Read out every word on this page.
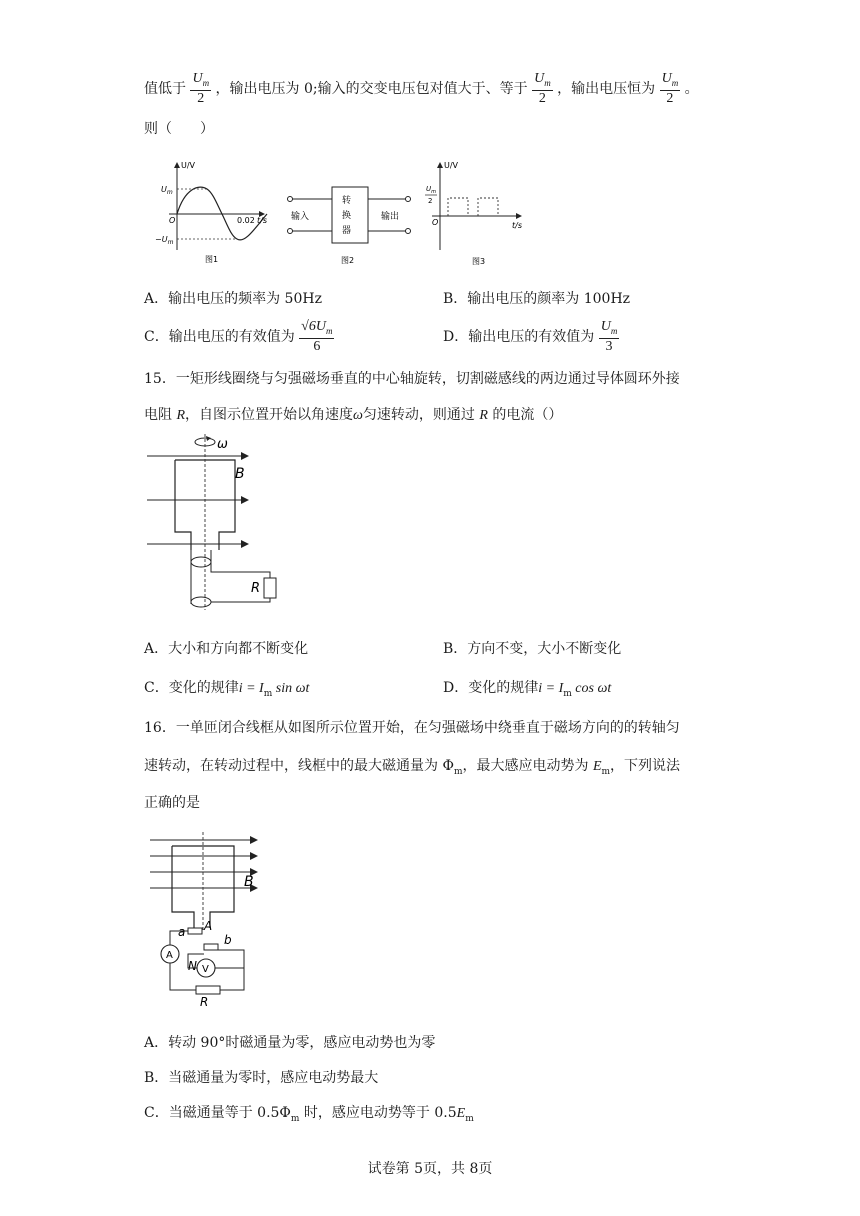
值低于 $\frac{U_m}{2}$ ，输出电压为 0;输入的交变电压包对值大于、等于 $\frac{U_m}{2}$ ，输出电压恒为 $\frac{U_m}{2}$ 。
则（　　）
U/V
$U_m$
$-U_m$
O	0.02 t/s
图1
转
换
器
输入	输出
图2
U/V
$U_m$
2
O	t/s
图3
A．输出电压的频率为 50Hz	B．输出电压的颜率为 100Hz
C．输出电压的有效值为 $\frac{√6U_m}{6}$	D．输出电压的有效值为 $\frac{U_m}{3}$
15．一矩形线圈绕与匀强磁场垂直的中心轴旋转，切割磁感线的两边通过导体圆环外接
电阻 R，自图示位置开始以角速度ω匀速转动，则通过 R 的电流（）
ω
B
R
A．大小和方向都不断变化	B．方向不变，大小不断变化
C．变化的规律$i = I_m$ sin ωt	D．变化的规律$i = I_m$ cos ωt
16．一单匝闭合线框从如图所示位置开始，在匀强磁场中绕垂直于磁场方向的的转轴匀
速转动，在转动过程中，线框中的最大磁通量为 $\Phi_m$，最大感应电动势为 $E_m$，下列说法
正确的是
B
A
a
b
N
A
R
V
A．转动 90°时磁通量为零，感应电动势也为零
B．当磁通量为零时，感应电动势最大
C．当磁通量等于 $0.5\Phi_m$ 时，感应电动势等于 $0.5E_m$
试卷第 5页，共 8页
